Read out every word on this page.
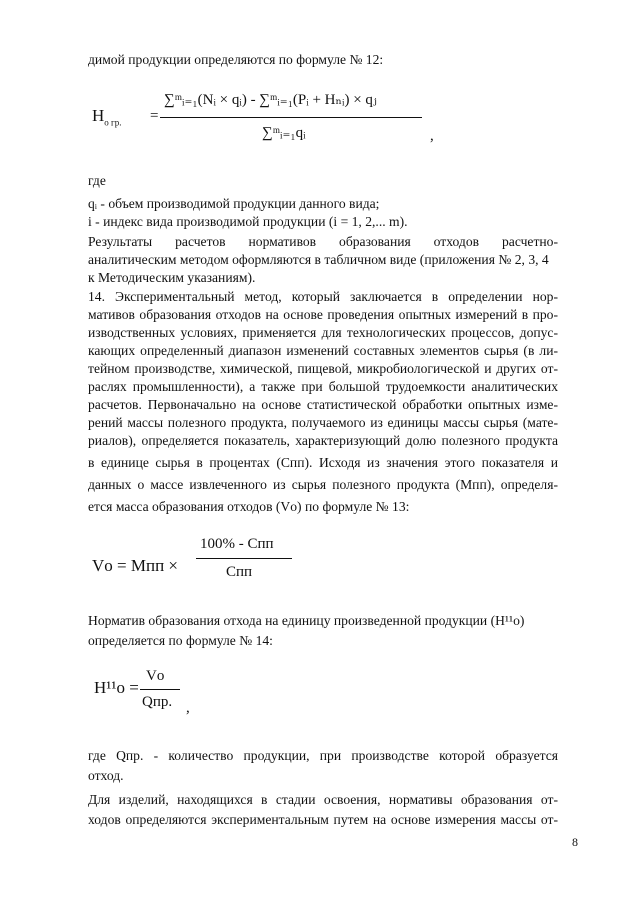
димой продукции определяются по формуле № 12:
$Н_{о гр.}$ =
∑ᵐᵢ₌₁(Nᵢ × qᵢ) - ∑ᵐᵢ₌₁(Pᵢ + Нₙᵢ) × qⱼ
∑ᵐᵢ₌₁qᵢ	,
где
qᵢ - объем производимой продукции данного вида;
i - индекс вида производимой продукции (i = 1, 2,... m).
Результаты расчетов нормативов образования отходов расчетно-
аналитическим методом оформляются в табличном виде (приложения № 2, 3, 4
к Методическим указаниям).
14. Экспериментальный метод, который заключается в определении нор-
мативов образования отходов на основе проведения опытных измерений в про-
изводственных условиях, применяется для технологических процессов, допус-
кающих определенный диапазон изменений составных элементов сырья (в ли-
тейном производстве, химической, пищевой, микробиологической и других от-
раслях промышленности), а также при большой трудоемкости аналитических
расчетов. Первоначально на основе статистической обработки опытных изме-
рений массы полезного продукта, получаемого из единицы массы сырья (мате-
риалов), определяется показатель, характеризующий долю полезного продукта
в единице сырья в процентах (Cпп). Исходя из значения этого показателя и
данных о массе извлеченного из сырья полезного продукта (Mпп), определя-
ется масса образования отходов (Vо) по формуле № 13:
Vо = Mпп ×
100% - Cпп
Cпп
Норматив образования отхода на единицу произведенной продукции (Н¹¹о)
определяется по формуле № 14:
Н¹¹о =
Vо
Qпр. ,
где Qпр. - количество продукции, при производстве которой образуется
отход.
Для изделий, находящихся в стадии освоения, нормативы образования от-
ходов определяются экспериментальным путем на основе измерения массы от-
8
